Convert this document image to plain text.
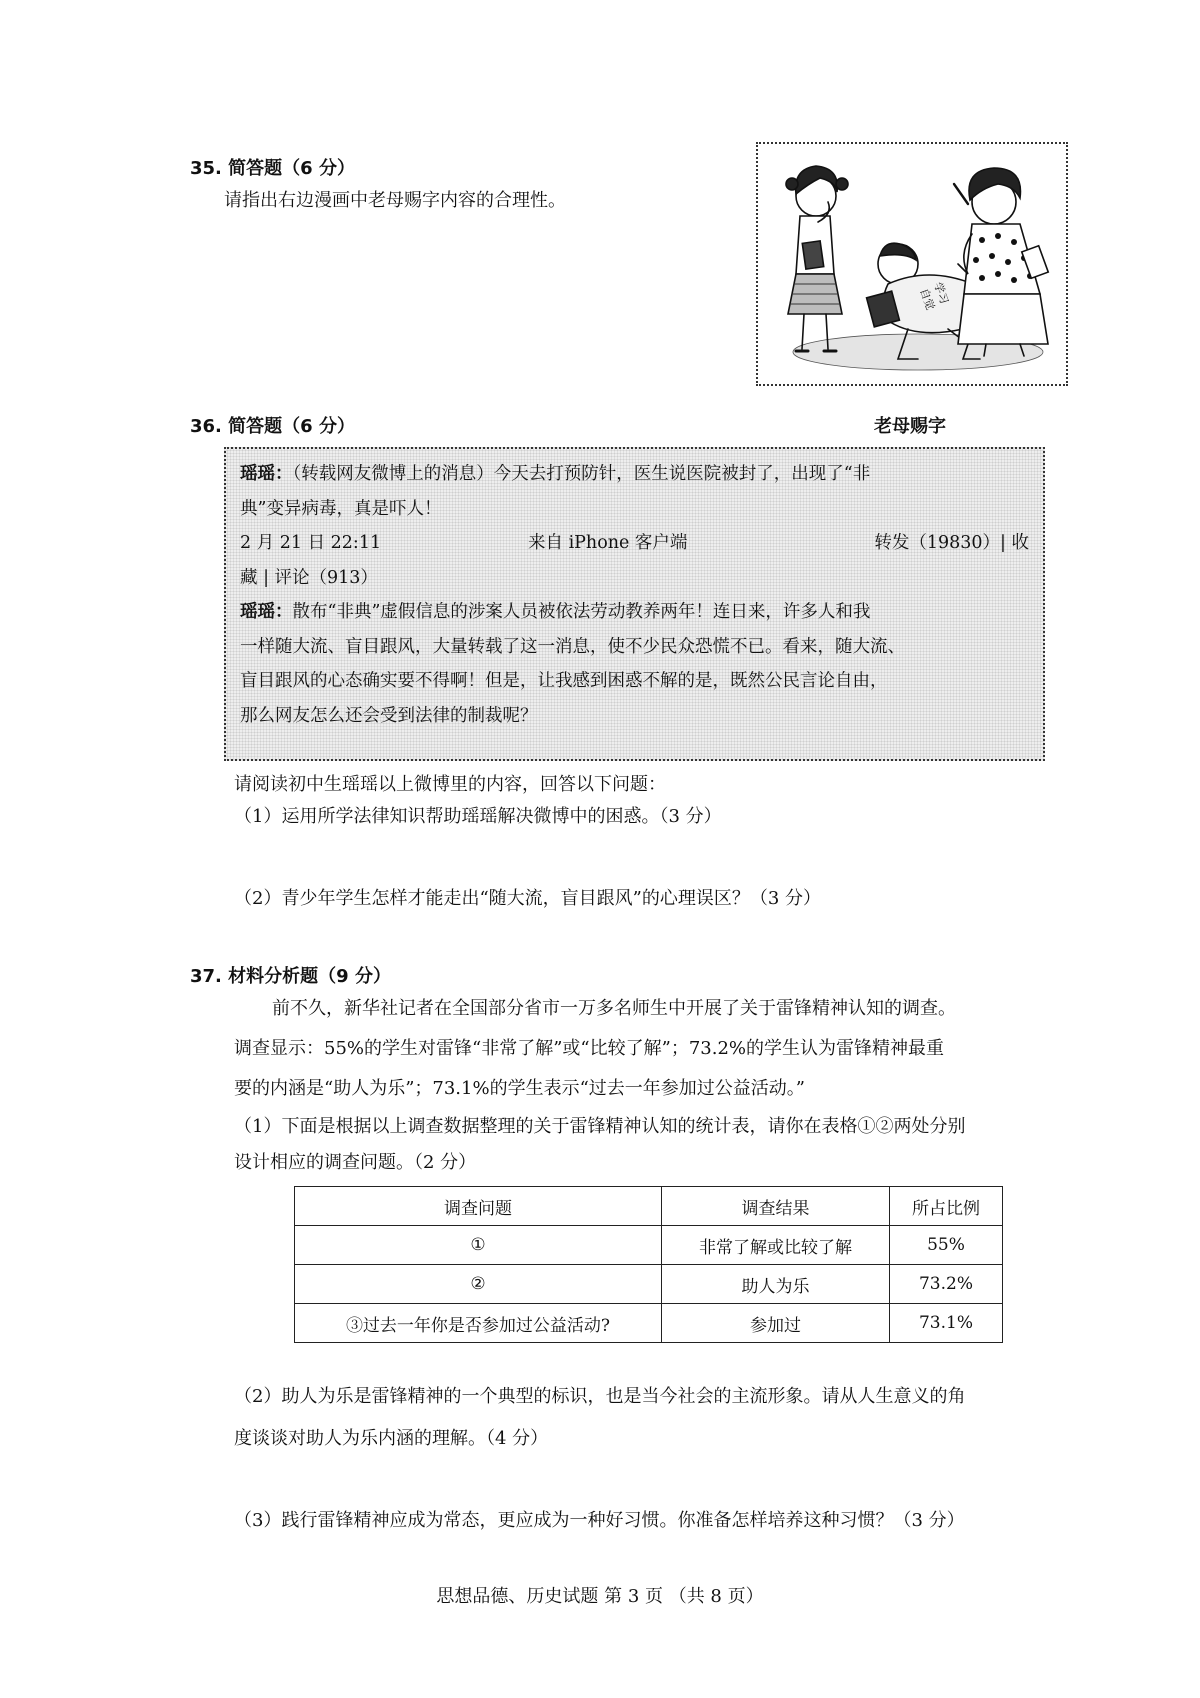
35. 简答题（6 分）
请指出右边漫画中老母赐字内容的合理性。
学习
自觉
老母赐字
36. 简答题（6 分）
瑶瑶：（转载网友微博上的消息）今天去打预防针，医生说医院被封了，出现了“非
典”变异病毒，真是吓人！
2 月 21 日 22:11	来自 iPhone 客户端	转发（19830）| 收
藏 | 评论（913）
瑶瑶：散布“非典”虚假信息的涉案人员被依法劳动教养两年！连日来，许多人和我
一样随大流、盲目跟风，大量转载了这一消息，使不少民众恐慌不已。看来，随大流、
盲目跟风的心态确实要不得啊！但是，让我感到困惑不解的是，既然公民言论自由，
那么网友怎么还会受到法律的制裁呢？
请阅读初中生瑶瑶以上微博里的内容，回答以下问题：
（1）运用所学法律知识帮助瑶瑶解决微博中的困惑。（3 分）
（2）青少年学生怎样才能走出“随大流，盲目跟风”的心理误区？（3 分）
37. 材料分析题（9 分）
前不久，新华社记者在全国部分省市一万多名师生中开展了关于雷锋精神认知的调查。
调查显示：55%的学生对雷锋“非常了解”或“比较了解”；73.2%的学生认为雷锋精神最重
要的内涵是“助人为乐”；73.1%的学生表示“过去一年参加过公益活动。”
（1）下面是根据以上调查数据整理的关于雷锋精神认知的统计表，请你在表格①②两处分别
设计相应的调查问题。（2 分）
调查问题	调查结果	所占比例
①	非常了解或比较了解	55%
②	助人为乐	73.2%
③过去一年你是否参加过公益活动?	参加过	73.1%
（2）助人为乐是雷锋精神的一个典型的标识，也是当今社会的主流形象。请从人生意义的角
度谈谈对助人为乐内涵的理解。（4 分）
（3）践行雷锋精神应成为常态，更应成为一种好习惯。你准备怎样培养这种习惯？（3 分）
思想品德、历史试题 第 3 页 （共 8 页）
